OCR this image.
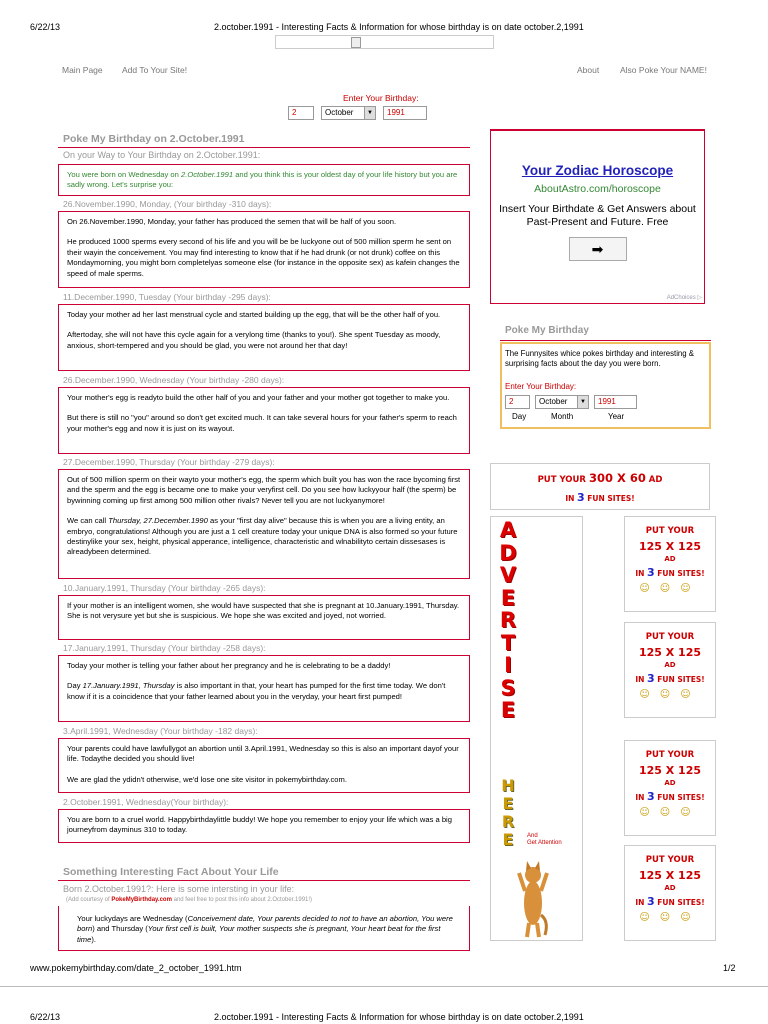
6/22/13	2.october.1991 - Interesting Facts & Information for whose birthday is on date october.2,1991
Main Page Add To Your Site!	About Also Poke Your NAME!
Enter Your Birthday:
2	October	▼	1991
Poke My Birthday on 2.October.1991
On your Way to Your Birthday on 2.October.1991:

You were born on Wednesday on 2.October.1991 and you think this is your oldest day of your life history but you are sadly wrong. Let's surprise you:

26.November.1990, Monday, (Your birthday -310 days):

On 26.November.1990, Monday, your father has produced the semen that will be half of you soon.

He produced 1000 sperms every second of his life and you will be be luckyone out of 500 million sperm he sent on their wayin the conceivement. You may find interesting to know that if he had drunk (or not drunk) coffee on this Mondaymorning, you might born completelyas someone else (for instance in the opposite sex) as kafein changes the speed of male sperms.

11.December.1990, Tuesday (Your birthday -295 days):

Today your mother ad her last menstrual cycle and started building up the egg, that will be the other half of you.

Aftertoday, she will not have this cycle again for a verylong time (thanks to you!). She spent Tuesday as moody, anxious, short-tempered and you should be glad, you were not around her that day!

26.December.1990, Wednesday (Your birthday -280 days):

Your mother's egg is readyto build the other half of you and your father and your mother got together to make you.

But there is still no "you" around so don't get excited much. It can take several hours for your father's sperm to reach your mother's egg and now it is just on its wayout.

27.December.1990, Thursday (Your birthday -279 days):

Out of 500 million sperm on their wayto your mother's egg, the sperm which built you has won the race bycoming first and the sperm and the egg is became one to make your veryfirst cell. Do you see how luckyyour half (the sperm) be bywinning coming up first among 500 million other rivals? Never tell you are not luckyanymore!

We can call Thursday, 27.December.1990 as your "first day alive" because this is when you are a living entity, an embryo, congratulations! Although you are just a 1 cell creature today your unique DNA is also formed so your future destinylike your sex, height, physical apperance, intelligence, characteristic and wlnabilityto certain dissesases is alreadybeen determined.

10.January.1991, Thursday (Your birthday -265 days):

If your mother is an intelligent women, she would have suspected that she is pregnant at 10.January.1991, Thursday. She is not verysure yet but she is suspicious. We hope she was excited and joyed, not worried.

17.January.1991, Thursday (Your birthday -258 days):

Today your mother is telling your father about her pregrancy and he is celebrating to be a daddy!

Day 17.January.1991, Thursday is also important in that, your heart has pumped for the first time today. We don't know if it is a coincidence that your father learned about you in the veryday, your heart first pumped!

3.April.1991, Wednesday (Your birthday -182 days):

Your parents could have lawfullygot an abortion until 3.April.1991, Wednesday so this is also an important dayof your life. Todaythe decided you should live!

We are glad the ydidn't otherwise, we'd lose one site visitor in pokemybirthday.com.

2.October.1991, Wednesday(Your birthday):

You are born to a cruel world. Happybirthdaylittle buddy! We hope you remember to enjoy your life which was a big journeyfrom dayminus 310 to today.

Something Interesting Fact About Your Life
Born 2.October.1991?: Here is some intersting in your life:
(Add courtesy of PokeMyBirthday.com and feel free to post this info about 2.October.1991!)

Your luckydays are Wednesday (Conceivement date, Your parents decided to not to have an abortion, You were born) and Thursday (Your first cell is built, Your mother suspects she is pregnant, Your heart beat for the first time).

Your Zodiac Horoscope
AboutAstro.com/horoscope
Insert Your Birthdate & Get Answers about Past-Present and Future. Free
➡
AdChoices ▷
Poke My Birthday
The Funnysites whice pokes birthday and interesting & surprising facts about the day you were born.
Enter Your Birthday:
2	October	▼	1991
Day	Month	Year
PUT YOUR 300 X 60 AD
IN 3 FUN SITES!
A
D
V
E
R
T
I
S
E
H
E
R
E	And
Get Attention
PUT YOUR
125 X 125
AD
IN 3 FUN SITES!
☺☺☺
PUT YOUR
125 X 125
AD
IN 3 FUN SITES!
☺☺☺
PUT YOUR
125 X 125
AD
IN 3 FUN SITES!
☺☺☺
PUT YOUR
125 X 125
AD
IN 3 FUN SITES!
☺☺☺
www.pokemybirthday.com/date_2_october_1991.htm	1/2
6/22/13	2.october.1991 - Interesting Facts & Information for whose birthday is on date october.2,1991
